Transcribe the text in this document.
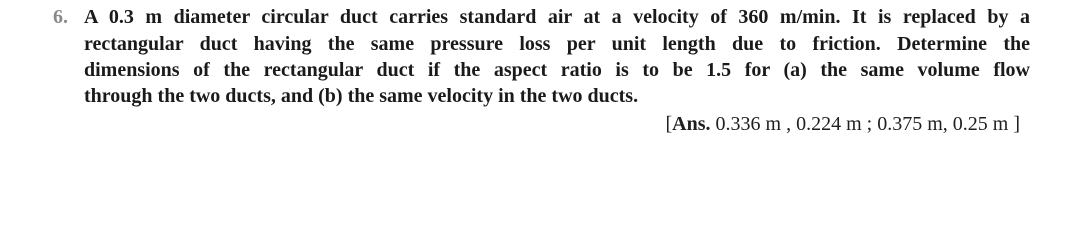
6. A 0.3 m diameter circular duct carries standard air at a velocity of 360 m/min. It is replaced by a
rectangular duct having the same pressure loss per unit length due to friction. Determine the
dimensions of the rectangular duct if the aspect ratio is to be 1.5 for (a) the same volume flow
through the two ducts, and (b) the same velocity in the two ducts.
[Ans. 0.336 m , 0.224 m ; 0.375 m, 0.25 m ]
